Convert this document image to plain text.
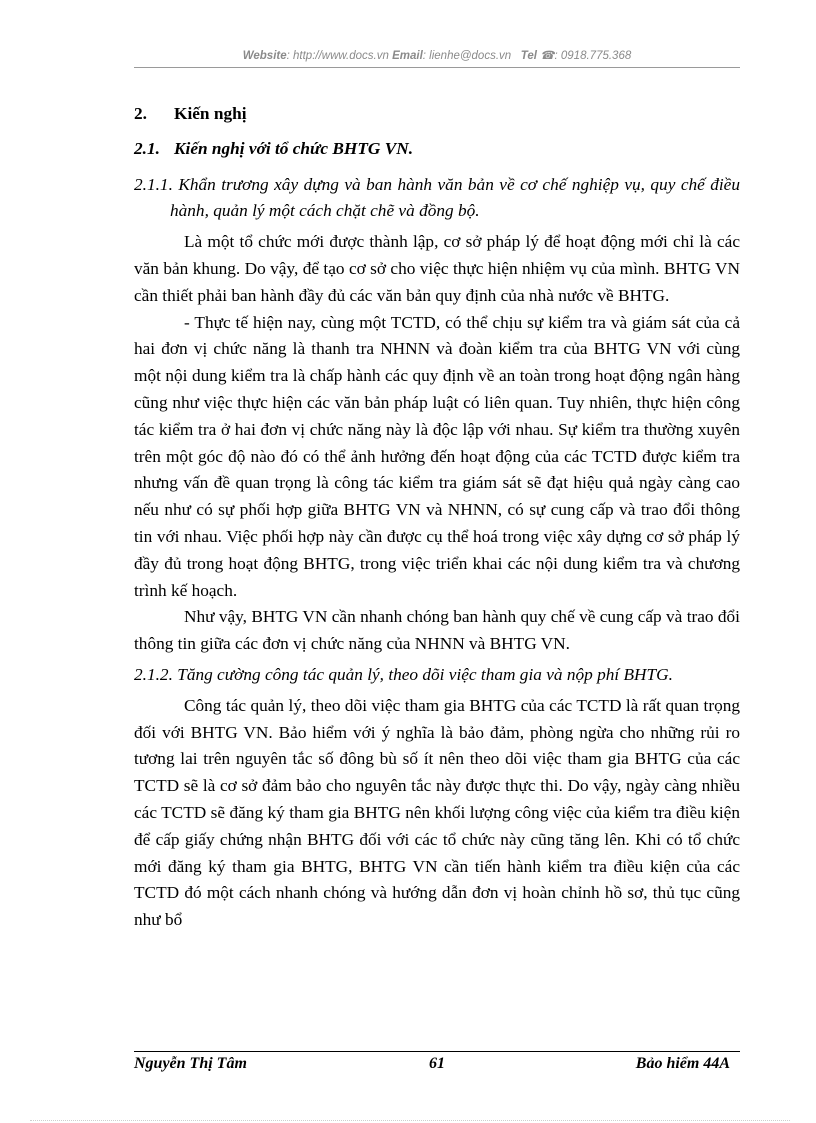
Website: http://www.docs.vn Email: lienhe@docs.vn Tel ☎: 0918.775.368
2. Kiến nghị
2.1. Kiến nghị với tổ chức BHTG VN.
2.1.1. Khẩn trương xây dựng và ban hành văn bản về cơ chế nghiệp vụ, quy chế điều hành, quản lý một cách chặt chẽ và đồng bộ.

Là một tổ chức mới được thành lập, cơ sở pháp lý để hoạt động mới chỉ là các văn bản khung. Do vậy, để tạo cơ sở cho việc thực hiện nhiệm vụ của mình. BHTG VN cần thiết phải ban hành đầy đủ các văn bản quy định của nhà nước về BHTG.

- Thực tế hiện nay, cùng một TCTD, có thể chịu sự kiểm tra và giám sát của cả hai đơn vị chức năng là thanh tra NHNN và đoàn kiểm tra của BHTG VN với cùng một nội dung kiểm tra là chấp hành các quy định về an toàn trong hoạt động ngân hàng cũng như việc thực hiện các văn bản pháp luật có liên quan. Tuy nhiên, thực hiện công tác kiểm tra ở hai đơn vị chức năng này là độc lập với nhau. Sự kiểm tra thường xuyên trên một góc độ nào đó có thể ảnh hưởng đến hoạt động của các TCTD được kiểm tra nhưng vấn đề quan trọng là công tác kiểm tra giám sát sẽ đạt hiệu quả ngày càng cao nếu như có sự phối hợp giữa BHTG VN và NHNN, có sự cung cấp và trao đổi thông tin với nhau. Việc phối hợp này cần được cụ thể hoá trong việc xây dựng cơ sở pháp lý đầy đủ trong hoạt động BHTG, trong việc triển khai các nội dung kiểm tra và chương trình kế hoạch.

Như vậy, BHTG VN cần nhanh chóng ban hành quy chế về cung cấp và trao đổi thông tin giữa các đơn vị chức năng của NHNN và BHTG VN.

2.1.2. Tăng cường công tác quản lý, theo dõi việc tham gia và nộp phí BHTG.

Công tác quản lý, theo dõi việc tham gia BHTG của các TCTD là rất quan trọng đối với BHTG VN. Bảo hiểm với ý nghĩa là bảo đảm, phòng ngừa cho những rủi ro tương lai trên nguyên tắc số đông bù số ít nên theo dõi việc tham gia BHTG của các TCTD sẽ là cơ sở đảm bảo cho nguyên tắc này được thực thi. Do vậy, ngày càng nhiều các TCTD sẽ đăng ký tham gia BHTG nên khối lượng công việc của kiểm tra điều kiện để cấp giấy chứng nhận BHTG đối với các tổ chức này cũng tăng lên. Khi có tổ chức mới đăng ký tham gia BHTG, BHTG VN cần tiến hành kiểm tra điều kiện của các TCTD đó một cách nhanh chóng và hướng dẫn đơn vị hoàn chỉnh hồ sơ, thủ tục cũng như bổ

Nguyễn Thị Tâm	61	Bảo hiểm 44A
